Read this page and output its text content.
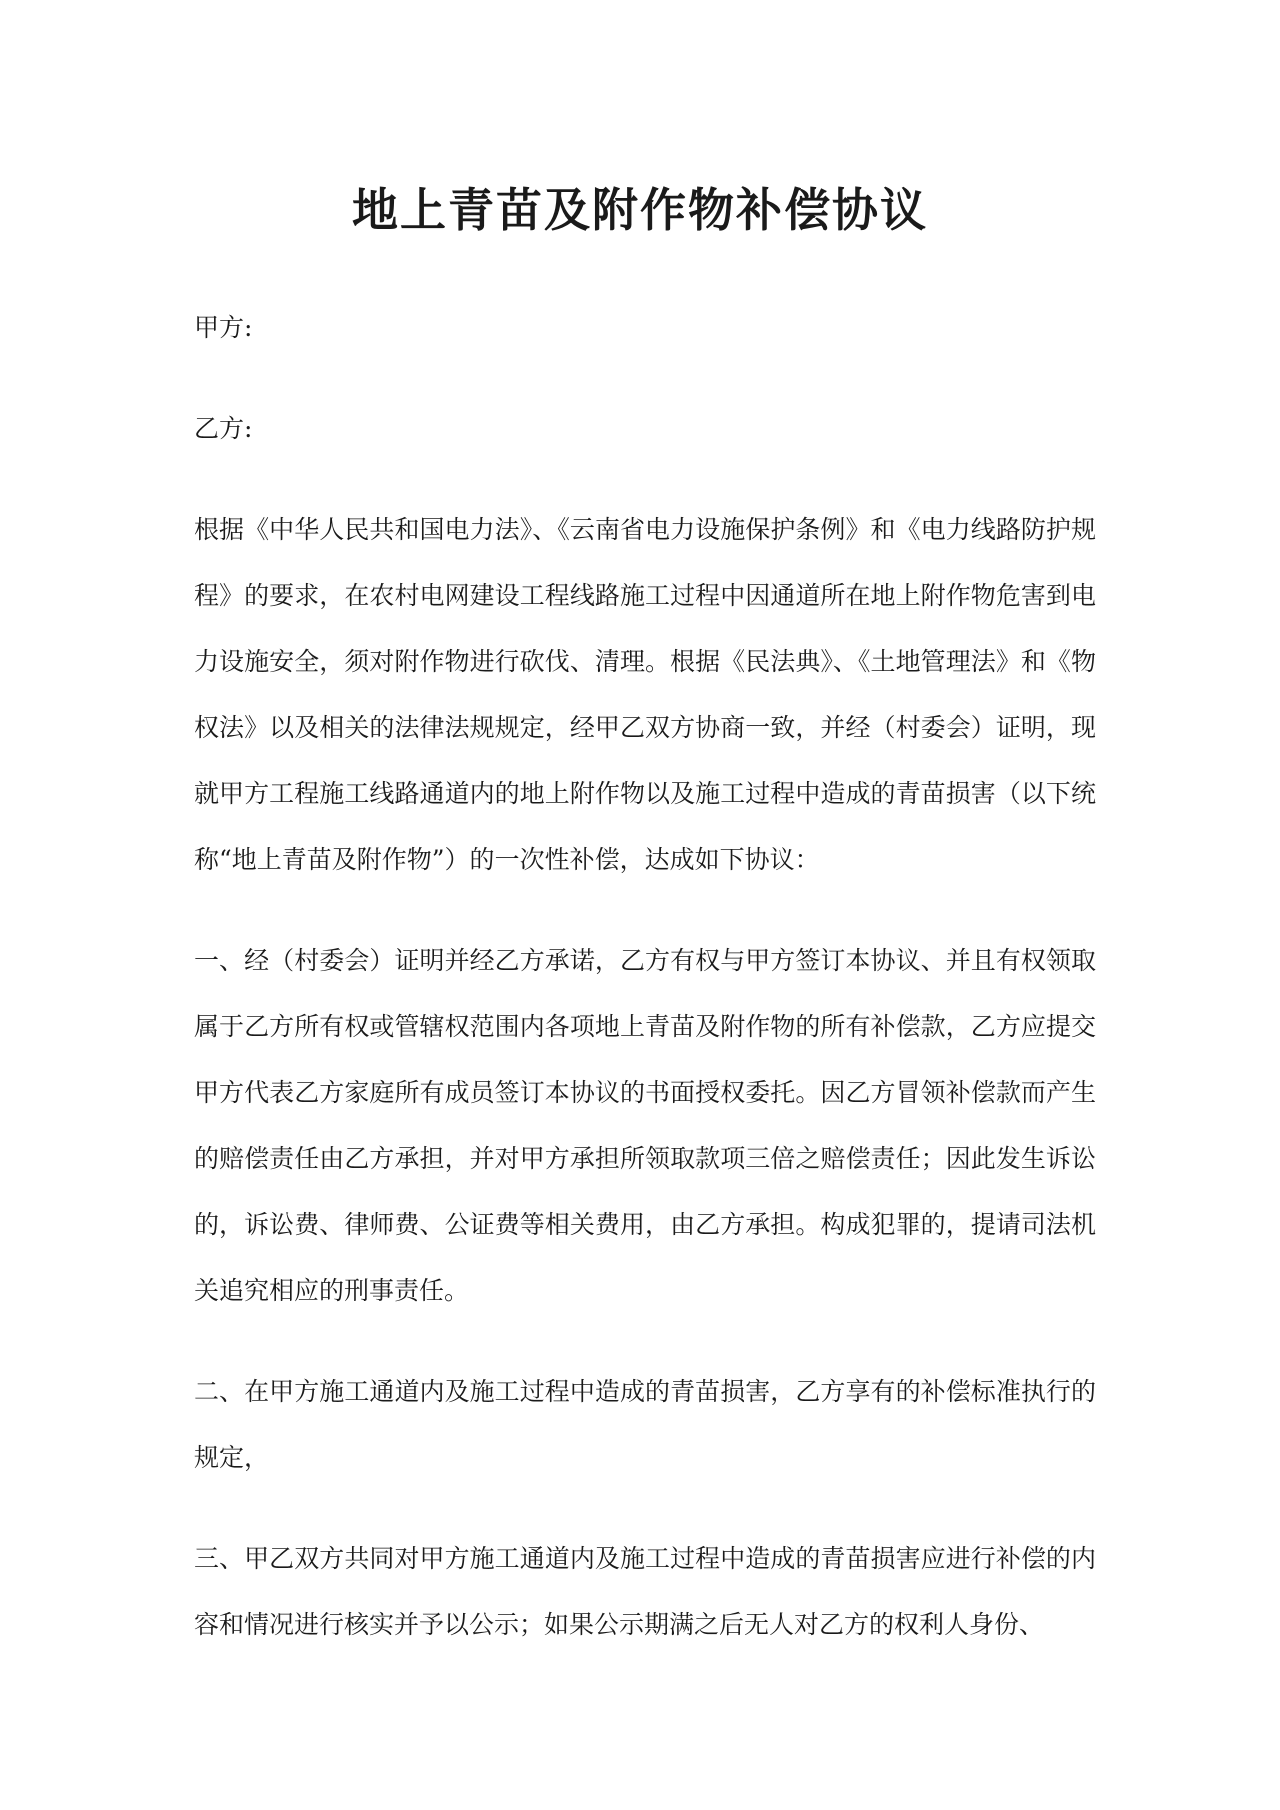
地上青苗及附作物补偿协议

甲方:

乙方:

根据《中华人民共和国电力法》、《云南省电力设施保护条例》和《电力线路防护规程》的要求，在农村电网建设工程线路施工过程中因通道所在地上附作物危害到电力设施安全，须对附作物进行砍伐、清理。根据《民法典》、《土地管理法》和《物权法》以及相关的法律法规规定，经甲乙双方协商一致，并经（村委会）证明，现就甲方工程施工线路通道内的地上附作物以及施工过程中造成的青苗损害（以下统称“地上青苗及附作物”）的一次性补偿，达成如下协议：

一、经（村委会）证明并经乙方承诺，乙方有权与甲方签订本协议、并且有权领取属于乙方所有权或管辖权范围内各项地上青苗及附作物的所有补偿款，乙方应提交甲方代表乙方家庭所有成员签订本协议的书面授权委托。因乙方冒领补偿款而产生的赔偿责任由乙方承担，并对甲方承担所领取款项三倍之赔偿责任；因此发生诉讼的，诉讼费、律师费、公证费等相关费用，由乙方承担。构成犯罪的，提请司法机关追究相应的刑事责任。

二、在甲方施工通道内及施工过程中造成的青苗损害，乙方享有的补偿标准执行的规定，

三、甲乙双方共同对甲方施工通道内及施工过程中造成的青苗损害应进行补偿的内容和情况进行核实并予以公示；如果公示期满之后无人对乙方的权利人身份、
